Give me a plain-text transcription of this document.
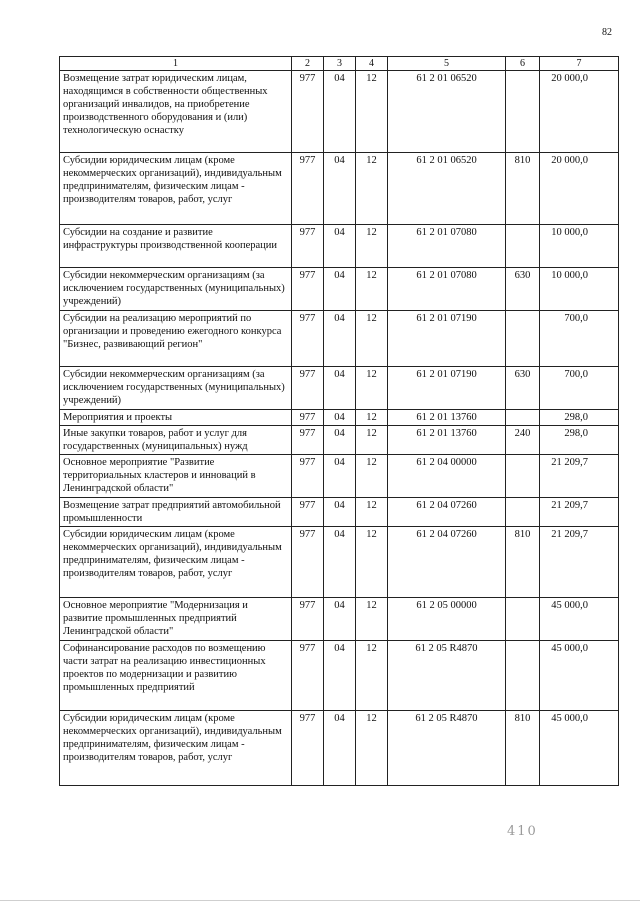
82
1	2	3	4	5	6	7
Возмещение затрат юридическим лицам, находящимся в собственности общественных организаций инвалидов, на приобретение производственного оборудования и (или) технологическую оснастку	977	04	12	61 2 01 06520		20 000,0
Субсидии юридическим лицам (кроме некоммерческих организаций), индивидуальным предпринимателям, физическим лицам - производителям товаров, работ, услуг	977	04	12	61 2 01 06520	810	20 000,0
Субсидии на создание и развитие инфраструктуры производственной кооперации	977	04	12	61 2 01 07080		10 000,0
Субсидии некоммерческим организациям (за исключением государственных (муниципальных) учреждений)	977	04	12	61 2 01 07080	630	10 000,0
Субсидии на реализацию мероприятий по организации и проведению ежегодного конкурса "Бизнес, развивающий регион"	977	04	12	61 2 01 07190		700,0
Субсидии некоммерческим организациям (за исключением государственных (муниципальных) учреждений)	977	04	12	61 2 01 07190	630	700,0
Мероприятия и проекты	977	04	12	61 2 01 13760		298,0
Иные закупки товаров, работ и услуг для государственных (муниципальных) нужд	977	04	12	61 2 01 13760	240	298,0
Основное мероприятие "Развитие территориальных кластеров и инноваций в Ленинградской области"	977	04	12	61 2 04 00000		21 209,7
Возмещение затрат предприятий автомобильной промышленности	977	04	12	61 2 04 07260		21 209,7
Субсидии юридическим лицам (кроме некоммерческих организаций), индивидуальным предпринимателям, физическим лицам - производителям товаров, работ, услуг	977	04	12	61 2 04 07260	810	21 209,7
Основное мероприятие "Модернизация и развитие промышленных предприятий Ленинградской области"	977	04	12	61 2 05 00000		45 000,0
Софинансирование расходов по возмещению части затрат на реализацию инвестиционных проектов по модернизации и развитию промышленных предприятий	977	04	12	61 2 05 R4870		45 000,0
Субсидии юридическим лицам (кроме некоммерческих организаций), индивидуальным предпринимателям, физическим лицам - производителям товаров, работ, услуг	977	04	12	61 2 05 R4870	810	45 000,0
410
